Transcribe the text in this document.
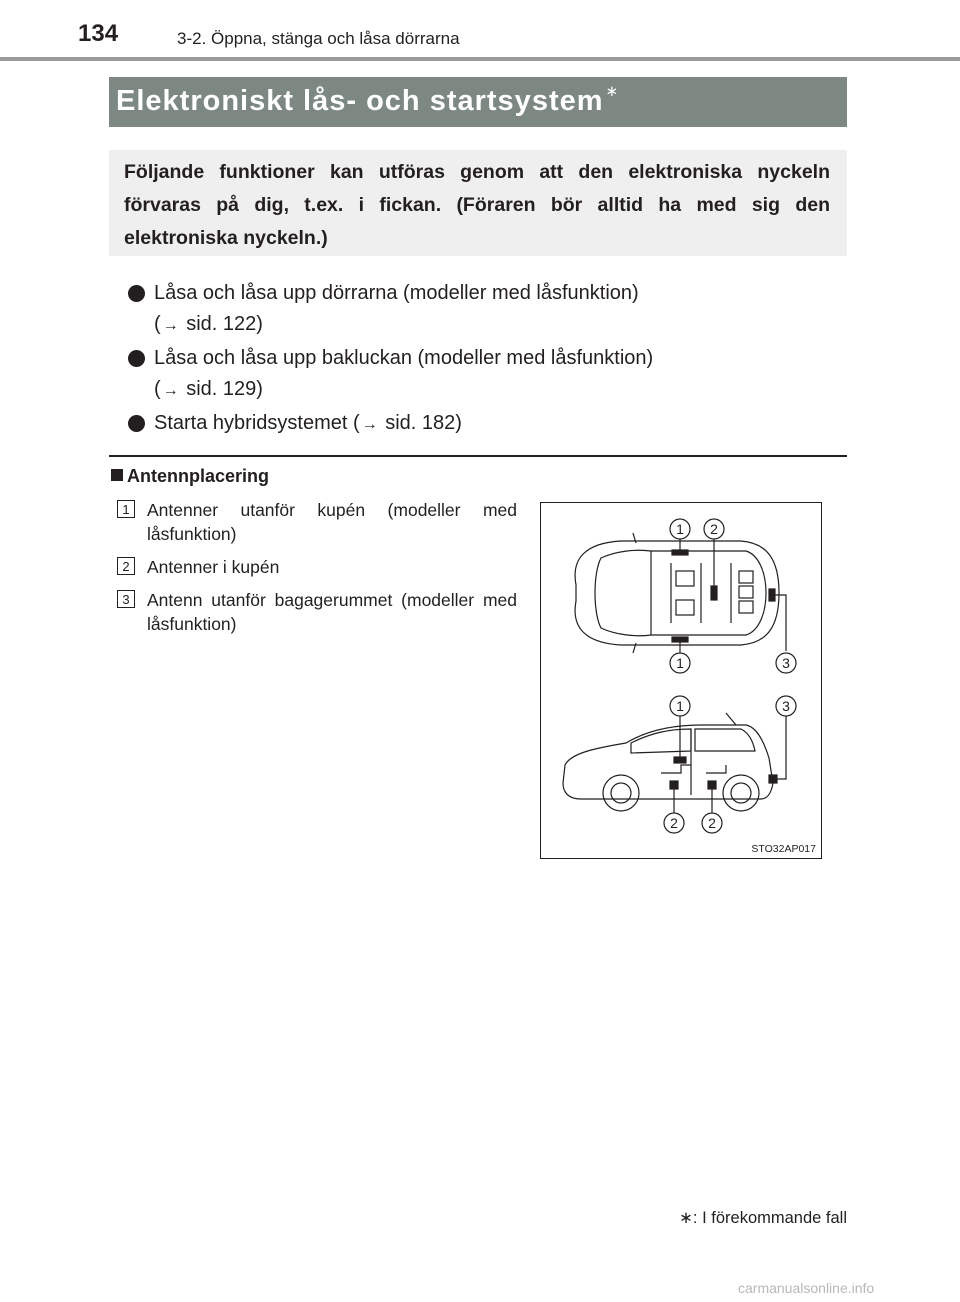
134	3-2. Öppna, stänga och låsa dörrarna
Elektroniskt lås- och startsystem ∗
Följande funktioner kan utföras genom att den elektroniska nyckeln förvaras på dig, t.ex. i fickan. (Föraren bör alltid ha med sig den elektroniska nyckeln.)
Låsa och låsa upp dörrarna (modeller med låsfunktion)
( → sid. 122)
Låsa och låsa upp bakluckan (modeller med låsfunktion)
( → sid. 129)
Starta hybridsystemet ( → sid. 182)
Antennplacering
1 Antenner utanför kupén (modeller med låsfunktion)
2 Antenner i kupén
3 Antenn utanför bagagerummet (modeller med låsfunktion)
1 2
1	3
1	3
2 2
STO32AP017
∗: I förekommande fall
carmanualsonline.info
